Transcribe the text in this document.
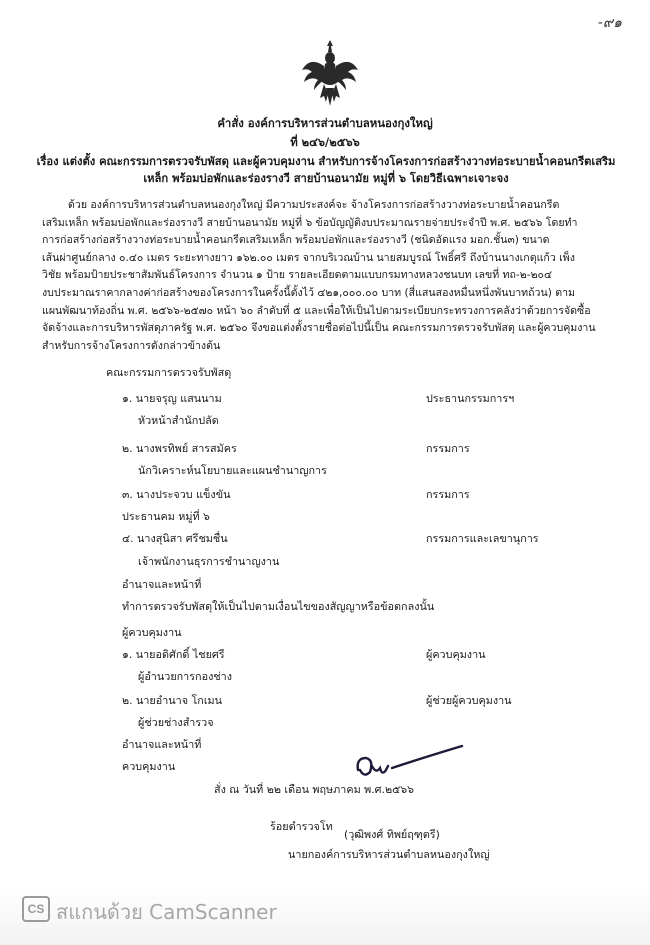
-๙๑
คำสั่ง องค์การบริหารส่วนตำบลหนองกุงใหญ่
ที่ ๒๔๖/๒๕๖๖
เรื่อง แต่งตั้ง คณะกรรมการตรวจรับพัสดุ และผู้ควบคุมงาน สำหรับการจ้างโครงการก่อสร้างวางท่อระบายน้ำคอนกรีตเสริม
เหล็ก พร้อมบ่อพักและร่องรางวี สายบ้านอนามัย หมู่ที่ ๖ โดยวิธีเฉพาะเจาะจง
ด้วย องค์การบริหารส่วนตำบลหนองกุงใหญ่ มีความประสงค์จะ จ้างโครงการก่อสร้างวางท่อระบายน้ำคอนกรีต
เสริมเหล็ก พร้อมบ่อพักและร่องรางวี สายบ้านอนามัย หมู่ที่ ๖ ข้อบัญญัติงบประมาณรายจ่ายประจำปี พ.ศ. ๒๕๖๖ โดยทำ
การก่อสร้างก่อสร้างวางท่อระบายน้ำคอนกรีตเสริมเหล็ก พร้อมบ่อพักและร่องรางวี (ชนิดอัดแรง มอก.ชั้น๓) ขนาด
เส้นผ่าศูนย์กลาง ๐.๔๐ เมตร ระยะทางยาว ๑๖๒.๐๐ เมตร จากบริเวณบ้าน นายสมบูรณ์ โพธิ์ศรี ถึงบ้านนางเกตุแก้ว เพ็ง
วิชัย พร้อมป้ายประชาสัมพันธ์โครงการ จำนวน ๑ ป้าย รายละเอียดตามแบบกรมทางหลวงชนบท เลขที่ ทถ-๒-๒๐๔
งบประมาณราคากลางค่าก่อสร้างของโครงการในครั้งนี้ตั้งไว้ ๔๒๑,๐๐๐.๐๐ บาท (สี่แสนสองหมื่นหนึ่งพันบาทถ้วน) ตาม
แผนพัฒนาท้องถิ่น พ.ศ. ๒๕๖๖-๒๕๗๐ หน้า ๖๐ ลำดับที่ ๕ และเพื่อให้เป็นไปตามระเบียบกระทรวงการคลังว่าด้วยการจัดซื้อ
จัดจ้างและการบริหารพัสดุภาครัฐ พ.ศ. ๒๕๖๐ จึงขอแต่งตั้งรายชื่อต่อไปนี้เป็น คณะกรรมการตรวจรับพัสดุ และผู้ควบคุมงาน
สำหรับการจ้างโครงการดังกล่าวข้างต้น
คณะกรรมการตรวจรับพัสดุ
๑. นายจรุญ แสนนาม	ประธานกรรมการฯ
หัวหน้าสำนักปลัด
๒. นางพรทิพย์ สารสมัคร	กรรมการ
นักวิเคราะห์นโยบายและแผนชำนาญการ
๓. นางประจวบ แข็งขัน	กรรมการ
ประธานคม หมู่ที่ ๖
๔. นางสุนิสา ศรีชมชื่น	กรรมการและเลขานุการ
เจ้าพนักงานธุรการชำนาญงาน
อำนาจและหน้าที่
ทำการตรวจรับพัสดุให้เป็นไปตามเงื่อนไขของสัญญาหรือข้อตกลงนั้น
ผู้ควบคุมงาน
๑. นายอดิศักดิ์ ไชยศรี	ผู้ควบคุมงาน
ผู้อำนวยการกองช่าง
๒. นายอำนาจ โกเมน	ผู้ช่วยผู้ควบคุมงาน
ผู้ช่วยช่างสำรวจ
อำนาจและหน้าที่
ควบคุมงาน
สั่ง ณ วันที่ ๒๒ เดือน พฤษภาคม พ.ศ.๒๕๖๖
ร้อยตำรวจโท
(วุฒิพงศ์ ทิพย์ฤฑฺตรี)
นายกองค์การบริหารส่วนตำบลหนองกุงใหญ่
CS สแกนด้วย CamScanner
